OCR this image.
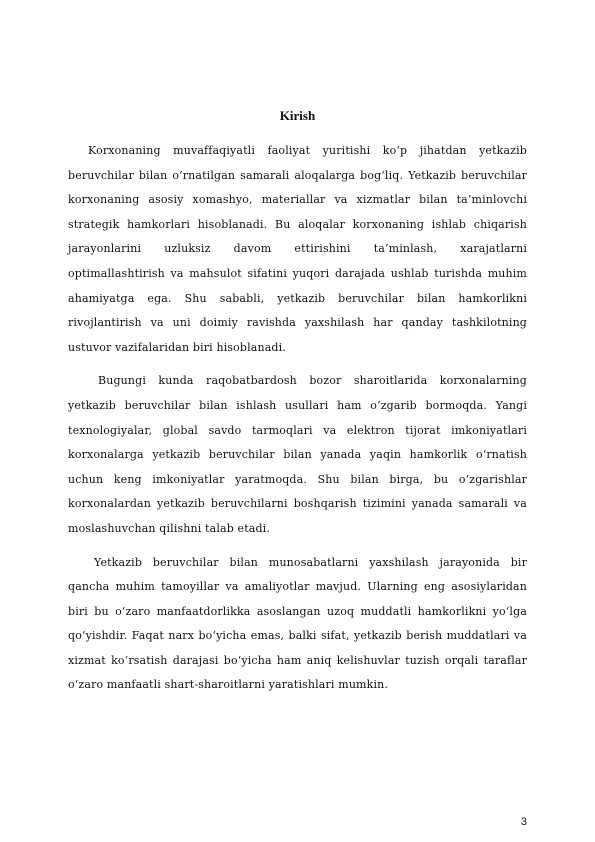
Kirish

Korxonaning muvaffaqiyatli faoliyat yuritishi ko‘p jihatdan yetkazib beruvchilar bilan o‘rnatilgan samarali aloqalarga bog‘liq. Yetkazib beruvchilar korxonaning asosiy xomashyo, materiallar va xizmatlar bilan ta’minlovchi strategik hamkorlari hisoblanadi. Bu aloqalar korxonaning ishlab chiqarish jarayonlarini uzluksiz davom ettirishini ta’minlash, xarajatlarni optimallashtirish va mahsulot sifatini yuqori darajada ushlab turishda muhim ahamiyatga ega. Shu sababli, yetkazib beruvchilar bilan hamkorlikni rivojlantirish va uni doimiy ravishda yaxshilash har qanday tashkilotning ustuvor vazifalaridan biri hisoblanadi.

Bugungi kunda raqobatbardosh bozor sharoitlarida korxonalarning yetkazib beruvchilar bilan ishlash usullari ham o‘zgarib bormoqda. Yangi texnologiyalar, global savdo tarmoqlari va elektron tijorat imkoniyatlari korxonalarga yetkazib beruvchilar bilan yanada yaqin hamkorlik o‘rnatish uchun keng imkoniyatlar yaratmoqda. Shu bilan birga, bu o‘zgarishlar korxonalardan yetkazib beruvchilarni boshqarish tizimini yanada samarali va moslashuvchan qilishni talab etadi.

Yetkazib beruvchilar bilan munosabatlarni yaxshilash jarayonida bir qancha muhim tamoyillar va amaliyotlar mavjud. Ularning eng asosiylaridan biri bu o‘zaro manfaatdorlikka asoslangan uzoq muddatli hamkorlikni yo‘lga qo‘yishdir. Faqat narx bo‘yicha emas, balki sifat, yetkazib berish muddatlari va xizmat ko‘rsatish darajasi bo‘yicha ham aniq kelishuvlar tuzish orqali taraflar o‘zaro manfaatli shart-sharoitlarni yaratishlari mumkin.

3
